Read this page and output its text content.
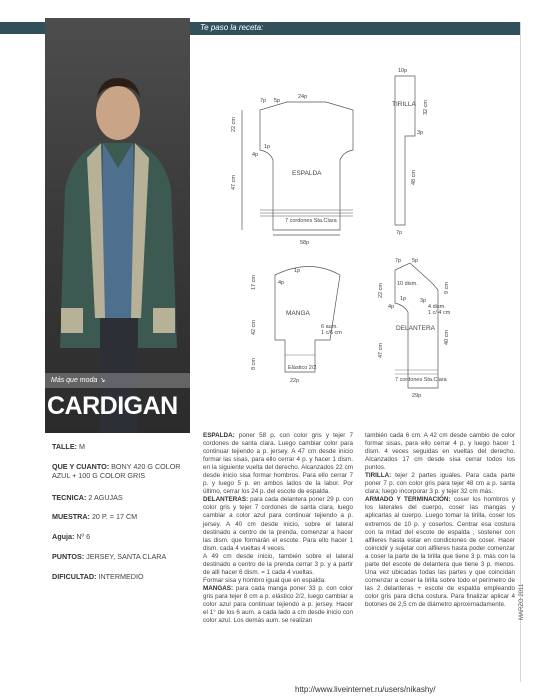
Te paso la receta:
Más que moda ↘
CARDIGAN
TALLE: M
QUE Y CUANTO: BONY 420 G COLOR AZUL + 100 G COLOR GRIS
TECNICA: 2 AGUJAS
MUESTRA: 20 P. = 17 CM
Aguja: Nº 6
PUNTOS: JERSEY, SANTA CLARA
DIFICULTAD: INTERMEDIO
ESPALDA: poner 58 p. con color gris y tejer 7 cordones de santa clara. Luego cambiar color para continuar tejiendo a p. jersey. A 47 cm desde inicio formar las sisas, para ello cerrar 4 p. y hacer 1 dism. en la siguiente vuelta del derecho. Alcanzados 22 cm desde inicio sisa formar hombros. Para ello cerrar 7 p. y luego 5 p. en ambos lados de la labor. Por último, cerrar los 24 p. del escote de espalda.
DELANTERAS: para cada delantera poner 29 p. con color gris y tejer 7 cordones de santa clara, luego cambiar a color azul para continuar tejiendo a p. jersey. A 40 cm desde inicio, sobre el lateral destinado a centro de la prenda, comenzar a hacer las dism. que formarán el escote. Para ello hacer 1 dism. cada 4 vueltas 4 veces.
A 49 cm desde inicio, también sobre el lateral destinado a centro de la prenda cerrar 3 p. y a partir de allí hacer 6 dism. = 1 cada 4 vueltas.
Formar sisa y hombro igual que en espalda.
MANGAS: para cada manga poner 33 p. con color gris para tejer 8 cm a p. elástico 2/2, luego cambiar a color azul para continuar tejiendo a p. jersey. Hacer el 1° de los 6 aum. a cada lado a cm desde inicio con color azul. Los demás aum. se realizan
también cada 6 cm. A 42 cm desde cambio de color formar sisas, para ello cerrar 4 p. y luego hacer 1 dism. 4 veces seguidas en vueltas del derecho. Alcanzados 17 cm desde sisa cerrar todos los puntos.
TIRILLA: tejer 2 partes iguales. Para cada parte poner 7 p. con color gris para tejer 48 cm a p. santa clara; luego incorporar 3 p. y tejer 32 cm más.
ARMADO Y TERMINACIÓN: coser los hombros y los laterales del cuerpo, coser las mangas y aplicarlas al cuerpo. Luego tomar la tirilla, coser los extremos de 10 p. y coserlos. Centrar esa costura con la mitad del escote de espalda , sostener con alfileres hasta estar en condiciones de coser. Hacer coincidir y sujetar con alfileres hasta poder comenzar a coser la parte de la tirilla que tiene 3 p. más con la parte del escote de delantera que tiene 3 p. menos. Una vez ubicadas todas las partes y que coincidan comenzar a coser la tirilla sobre todo el perímetro de las 2 delanteras + escote de espalda empleando color gris para dicha costura. Para finalizar aplicar 4 botones de 2,5 cm de diámetro aproximadamente.
24p
7p 5p
1p
4p
ESPALDA
22 cm
47 cm
7 cordones Sta.Clara
58p
10p
TIRILLA 32 cm
48 cm
3p
7p
17 cm
42 cm
8 cm
1p
4p
MANGA
6 aum.
1 c/6 cm
Elástico 2/2
22p
7p 5p
10 dism.
1p
4p
3p
4 dism.
1 c/ 4 cm
DELANTERA
22 cm
47 cm
9 cm
40 cm
7 cordones Sta.Clara
29p
MARZO 2011
http://www.liveinternet.ru/users/nikashy/
